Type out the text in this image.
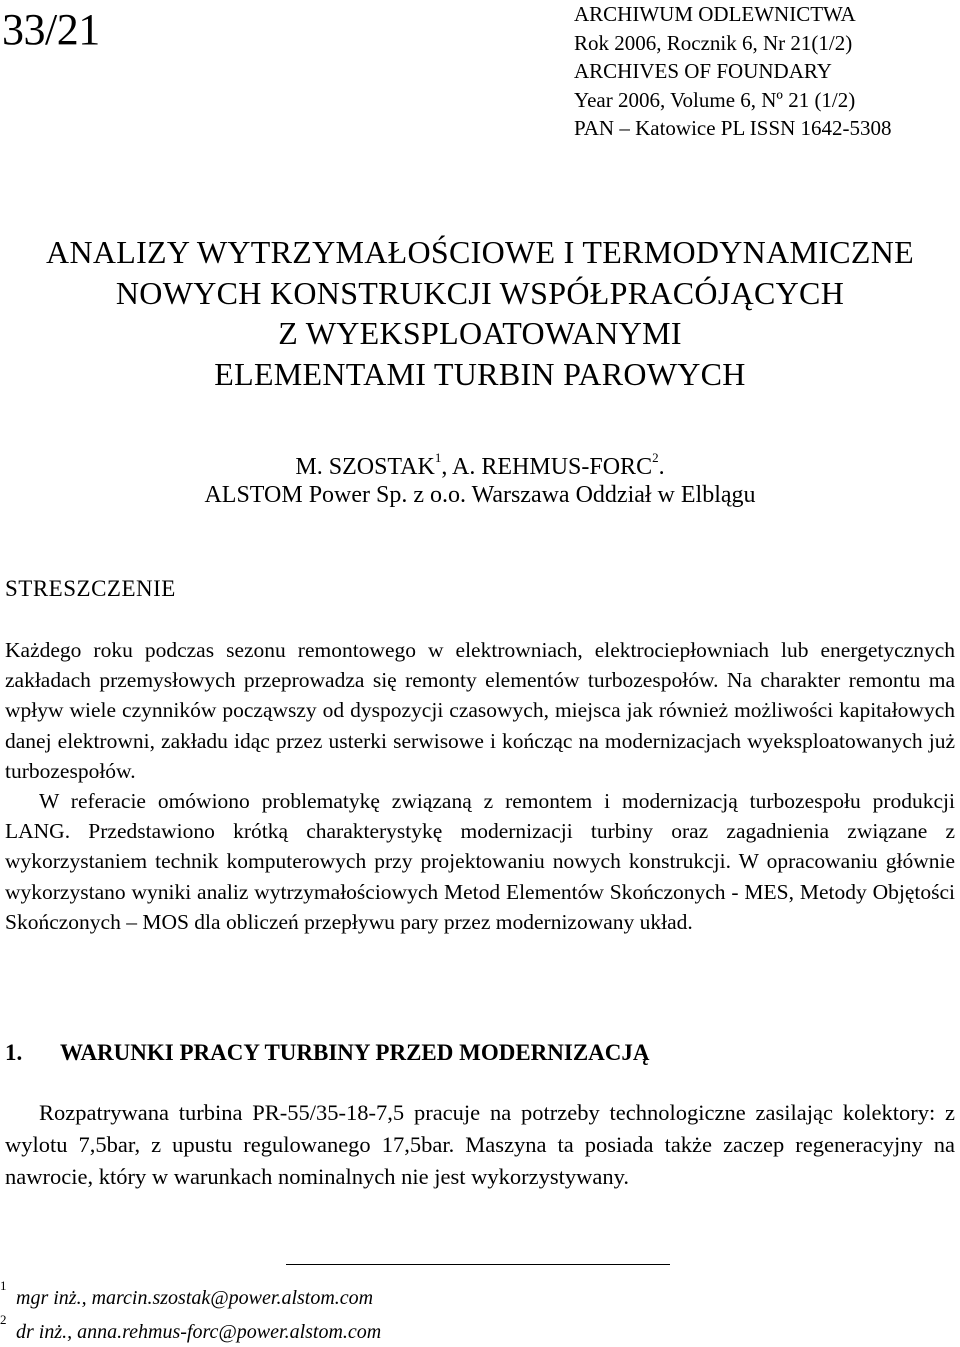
33/21	ARCHIWUM ODLEWNICTWA
Rok 2006, Rocznik 6, Nr 21(1/2)
ARCHIVES OF FOUNDARY
Year 2006, Volume 6, Nº 21 (1/2)
PAN – Katowice PL ISSN 1642-5308
ANALIZY WYTRZYMAŁOŚCIOWE I TERMODYNAMICZNE
NOWYCH KONSTRUKCJI WSPÓŁPRACÓJĄCYCH
Z WYEKSPLOATOWANYMI
ELEMENTAMI TURBIN PAROWYCH
M. SZOSTAK$^1$, A. REHMUS-FORC$^2$.
ALSTOM Power Sp. z o.o. Warszawa Oddział w Elblągu
STRESZCZENIE

Każdego roku podczas sezonu remontowego w elektrowniach, elektrociepłowniach lub energetycznych zakładach przemysłowych przeprowadza się remonty elementów turbozespołów. Na charakter remontu ma wpływ wiele czynników począwszy od dyspozycji czasowych, miejsca jak również możliwości kapitałowych danej elektrowni, zakładu idąc przez usterki serwisowe i kończąc na modernizacjach wyeksploatowanych już turbozespołów.

W referacie omówiono problematykę związaną z remontem i modernizacją turbozespołu produkcji LANG. Przedstawiono krótką charakterystykę modernizacji turbiny oraz zagadnienia związane z wykorzystaniem technik komputerowych przy projektowaniu nowych konstrukcji. W opracowaniu głównie wykorzystano wyniki analiz wytrzymałościowych Metod Elementów Skończonych - MES, Metody Objętości Skończonych – MOS dla obliczeń przepływu pary przez modernizowany układ.

1. WARUNKI PRACY TURBINY PRZED MODERNIZACJĄ
Rozpatrywana turbina PR-55/35-18-7,5 pracuje na potrzeby technologiczne zasilając kolektory: z wylotu 7,5bar, z upustu regulowanego 17,5bar. Maszyna ta posiada także zaczep regeneracyjny na nawrocie, który w warunkach nominalnych nie jest wykorzystywany.
1mgr inż., marcin.szostak@power.alstom.com
2dr inż., anna.rehmus-forc@power.alstom.com
